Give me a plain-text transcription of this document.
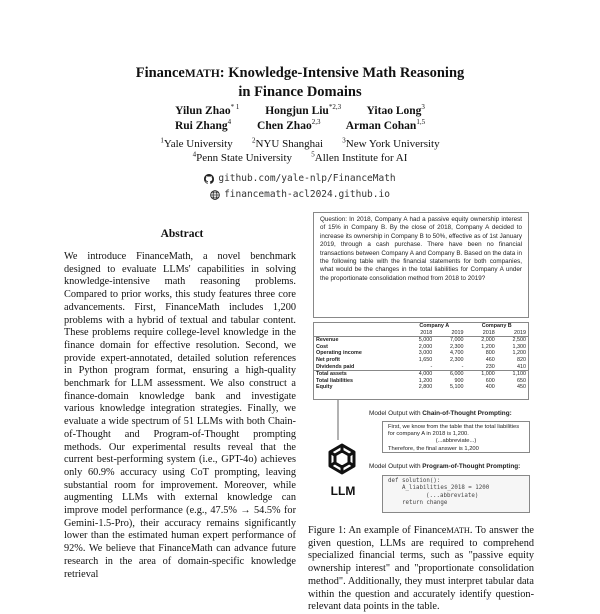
FinanceMATH: Knowledge-Intensive Math Reasoning
in Finance Domains
Yilun Zhao$^{* 1}$   Hongjun Liu$^{*2,3}$   Yitao Long$^3$
Rui Zhang$^4$   Chen Zhao$^{2,3}$   Arman Cohan$^{1,5}$
$^1$Yale University  	$^2$NYU Shanghai  	$^3$New York University
$^4$Penn State University  	$^5$Allen Institute for AI
github.com/yale-nlp/FinanceMath
financemath-acl2024.github.io
Abstract

We introduce FinanceMath, a novel benchmark designed to evaluate LLMs' capabilities in solving knowledge-intensive math reasoning problems. Compared to prior works, this study features three core advancements. First, FinanceMath includes 1,200 problems with a hybrid of textual and tabular content. These problems require college-level knowledge in the finance domain for effective resolution. Second, we provide expert-annotated, detailed solution references in Python program format, ensuring a high-quality benchmark for LLM assessment. We also construct a finance-domain knowledge bank and investigate various knowledge integration strategies. Finally, we evaluate a wide spectrum of 51 LLMs with both Chain-of-Thought and Program-of-Thought prompting methods. Our experimental results reveal that the current best-performing system (i.e., GPT-4o) achieves only 60.9% accuracy using CoT prompting, leaving substantial room for improvement. Moreover, while augmenting LLMs with external knowledge can improve model performance (e.g., 47.5% → 54.5% for Gemini-1.5-Pro), their accuracy remains significantly lower than the estimated human expert performance of 92%. We believe that FinanceMath can advance future research in the area of domain-specific knowledge retrieval

Question: In 2018, Company A had a passive equity ownership interest of 15% in Company B. By the close of 2018, Company A decided to increase its ownership in Company B to 50%, effective as of 1st January 2019, through a cash purchase. There have been no financial transactions between Company A and Company B. Based on the data in the following table with the financial statements for both companies, what would be the changes in the total liabilities for Company A under the proportionate consolidation method from 2018 to 2019?
	Company A		Company B	
	2018	2019	2018	2019
Revenue	5,000	7,000	2,000	2,500
Cost	2,000	2,300	1,200	1,300
Operating income	3,000	4,700	800	1,200
Net profit	1,650	2,300	460	820
Dividends paid	-	-	230	410
Total assets	4,000	6,000	1,000	1,100
Total liabilities	1,200	900	600	650
Equity	2,800	5,100	400	450
LLM
Model Output with Chain-of-Thought Prompting:
First, we know from the table that the total liabilities for company A in 2018 is 1,200.
(...abbreviate...)
Therefore, the final answer is 1,200
Model Output with Program-of-Thought Prompting:
def solution():
A_liabilities_2018 = 1200
(...abbreviate)
return change

Figure 1: An example of FinanceMATH. To answer the given question, LLMs are required to comprehend specialized financial terms, such as "passive equity ownership interest" and "proportionate consolidation method". Additionally, they must interpret tabular data within the question and accurately identify question-relevant data points in the table.
